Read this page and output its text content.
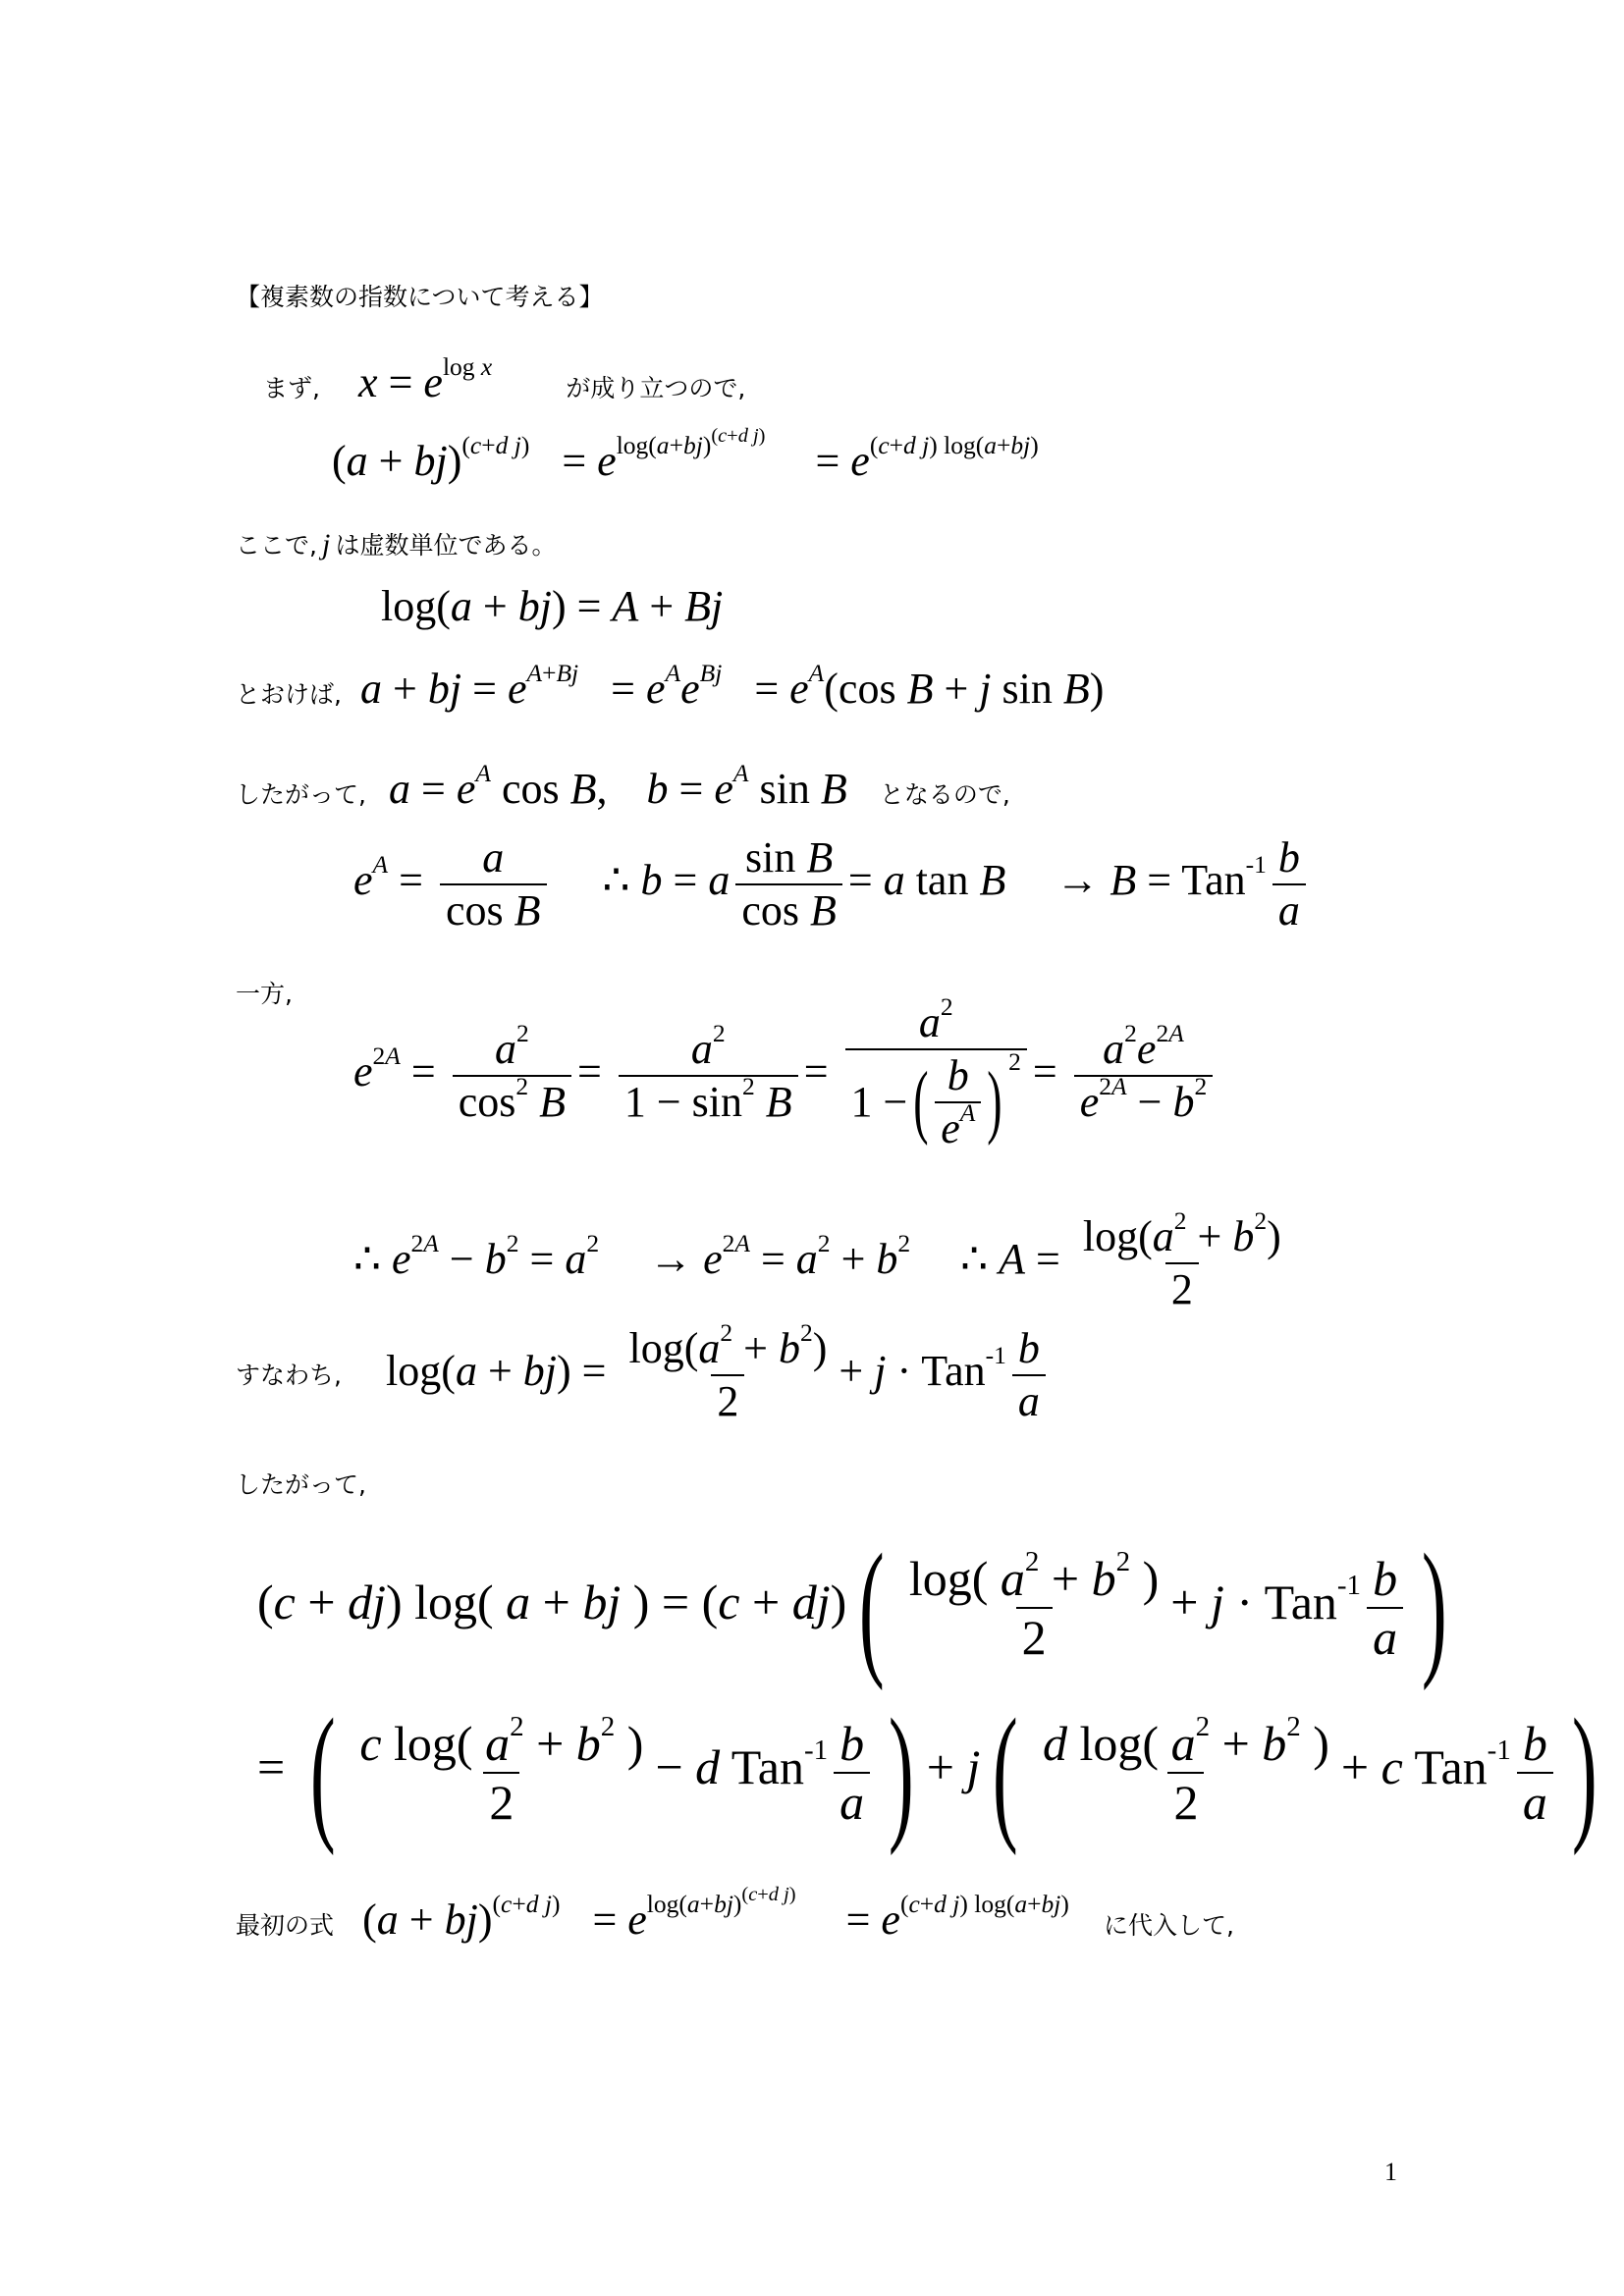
【複素数の指数について考える】
まず, $x = e^{log x}$ が成り立つので,
$(a + bj)^{(c+d j)} = e^{log(a+bj)^{(c+d j)}} = e^{(c+d j) log(a+bj)}$
ここで, j は虚数単位である。
log(a + bj) = A + Bj
とおけば, a + bj = $e^{A+Bj} = e^Ae^{Bj} = e^A(\cos$ B + j sin B)
したがって, $a = e^A$ cos B, $b = e^A$ sin B となるので,
$e^A = \frac{a}{\text{cos B}}$ ∴ b = a $\frac{\text{sin B}}{\text{cos B}} = a$ $\tan B \to B = Tan^{-1} \frac{b}{a}$
一方,
$e^{2A} = \frac{a^2}{\cos^2 B} = \frac{a^2}{1 - \sin^2 B} = \frac{a^2}{1 - ( \frac{b}{e^A} )^2} = \frac{a^2e^{2A}}{e^{2A} - b^2}$
∴ $e^{2A} - b^2 = a^2 \to e^{2A} = a^2 + b^2$ ∴ $A = \frac{\log(a^2 + b^2)}{2}$
すなわち, $\log(a + bj) = \frac{\log(a^2 + b^2)}{2} + j \cdot Tan^{-1} \frac{b}{a}$
したがって,
(c + dj) log( a + bj ) = $(c + dj)( \frac{\log( a^2 + b^2 )}{2} + j \cdot Tan^{-1} \frac{b}{a}$ )
= ( $\frac{c \log( a^2 + b^2 )}{2} - d$ $Tan^{-1} \frac{b}{a}$ ) + $j( \frac{d \log( a^2 + b^2 )}{2} + c$ $Tan^{-1} \frac{b}{a}$ )
最初の式 $(a + bj)^{(c+d j)} = e^{log(a+bj)^{(c+d j)}} = e^{(c+d j) log(a+bj)}$ に代入して,
1
